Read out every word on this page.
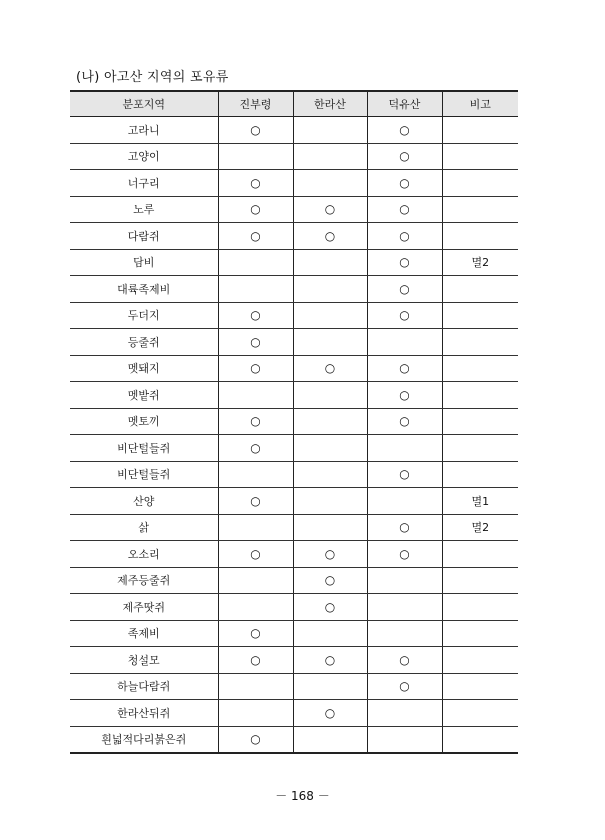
(나) 아고산 지역의 포유류
분포지역	진부령	한라산	덕유산	비고
고라니	○		○	
고양이			○	
너구리	○		○	
노루	○	○	○	
다람쥐	○	○	○	
담비			○	멸2
대륙족제비			○	
두더지	○		○	
등줄쥐	○			
멧돼지	○	○	○	
멧밭쥐			○	
멧토끼	○		○	
비단털들쥐	○			
비단털들쥐			○	
산양	○			멸1
삵			○	멸2
오소리	○	○	○	
제주등줄쥐		○		
제주땃쥐		○		
족제비	○			
청설모	○	○	○	
하늘다람쥐			○	
한라산뒤쥐		○		
흰넓적다리붉은쥐	○			
－ 168 －
